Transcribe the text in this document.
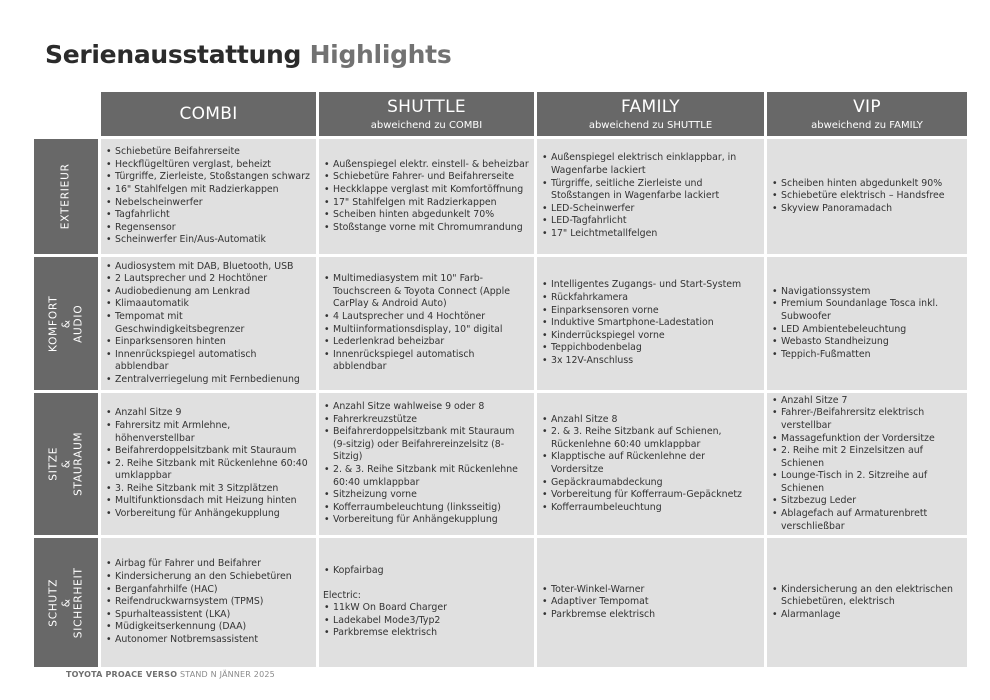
Serienausstattung Highlights
COMBI	SHUTTLE
abweichend zu COMBI
FAMILY
abweichend zu SHUTTLE
VIP
abweichend zu FAMILY
EXTERIEUR
• Schiebetüre Beifahrerseite
• Heckflügeltüren verglast, beheizt
• Türgriffe, Zierleiste, Stoßstangen schwarz
• 16" Stahlfelgen mit Radzierkappen
• Nebelscheinwerfer
• Tagfahrlicht
• Regensensor
• Scheinwerfer Ein/Aus-Automatik
• Außenspiegel elektr. einstell- & beheizbar
• Schiebetüre Fahrer- und Beifahrerseite
• Heckklappe verglast mit Komfortöffnung
• 17" Stahlfelgen mit Radzierkappen
• Scheiben hinten abgedunkelt 70%
• Stoßstange vorne mit Chromumrandung
• Außenspiegel elektrisch einklappbar, in Wagenfarbe lackiert
• Türgriffe, seitliche Zierleiste und Stoßstangen in Wagenfarbe lackiert
• LED-Scheinwerfer
• LED-Tagfahrlicht
• 17" Leichtmetallfelgen
• Scheiben hinten abgedunkelt 90%
• Schiebetüre elektrisch – Handsfree
• Skyview Panoramadach
KOMFORT & AUDIO
• Audiosystem mit DAB, Bluetooth, USB
• 2 Lautsprecher und 2 Hochtöner
• Audiobedienung am Lenkrad
• Klimaautomatik
• Tempomat mit Geschwindigkeitsbegrenzer
• Einparksensoren hinten
• Innenrückspiegel automatisch abblendbar
• Zentralverriegelung mit Fernbedienung
• Multimediasystem mit 10" Farb-Touchscreen & Toyota Connect (Apple CarPlay & Android Auto)
• 4 Lautsprecher und 4 Hochtöner
• Multiinformationsdisplay, 10" digital
• Lederlenkrad beheizbar
• Innenrückspiegel automatisch abblendbar
• Intelligentes Zugangs- und Start-System
• Rückfahrkamera
• Einparksensoren vorne
• Induktive Smartphone-Ladestation
• Kinderrückspiegel vorne
• Teppichbodenbelag
• 3x 12V-Anschluss
• Navigationssystem
• Premium Soundanlage Tosca inkl. Subwoofer
• LED Ambientebeleuchtung
• Webasto Standheizung
• Teppich-Fußmatten
SITZE & STAURAUM
• Anzahl Sitze 9
• Fahrersitz mit Armlehne, höhenverstellbar
• Beifahrerdoppelsitzbank mit Stauraum
• 2. Reihe Sitzbank mit Rückenlehne 60:40 umklappbar
• 3. Reihe Sitzbank mit 3 Sitzplätzen
• Multifunktionsdach mit Heizung hinten
• Vorbereitung für Anhängekupplung
• Anzahl Sitze wahlweise 9 oder 8
• Fahrerkreuzstütze
• Beifahrerdoppelsitzbank mit Stauraum (9-sitzig) oder Beifahrereinzelsitz (8-Sitzig)
• 2. & 3. Reihe Sitzbank mit Rückenlehne 60:40 umklappbar
• Sitzheizung vorne
• Kofferraumbeleuchtung (linksseitig)
• Vorbereitung für Anhängekupplung
• Anzahl Sitze 8
• 2. & 3. Reihe Sitzbank auf Schienen, Rückenlehne 60:40 umklappbar
• Klapptische auf Rückenlehne der Vordersitze
• Gepäckraumabdeckung
• Vorbereitung für Kofferraum-Gepäcknetz
• Kofferraumbeleuchtung
• Anzahl Sitze 7
• Fahrer-/Beifahrersitz elektrisch verstellbar
• Massagefunktion der Vordersitze
• 2. Reihe mit 2 Einzelsitzen auf Schienen
• Lounge-Tisch in 2. Sitzreihe auf Schienen
• Sitzbezug Leder
• Ablagefach auf Armaturenbrett verschließbar
SCHUTZ & SICHERHEIT
• Airbag für Fahrer und Beifahrer
• Kindersicherung an den Schiebetüren
• Berganfahrhilfe (HAC)
• Reifendruckwarnsystem (TPMS)
• Spurhalteassistent (LKA)
• Müdigkeitserkennung (DAA)
• Autonomer Notbremsassistent
• Kopfairbag
Electric:
• 11kW On Board Charger
• Ladekabel Mode3/Typ2
• Parkbremse elektrisch
• Toter-Winkel-Warner
• Adaptiver Tempomat
• Parkbremse elektrisch
• Kindersicherung an den elektrischen Schiebetüren, elektrisch
• Alarmanlage
TOYOTA PROACE VERSO STAND N JÄNNER 2025
